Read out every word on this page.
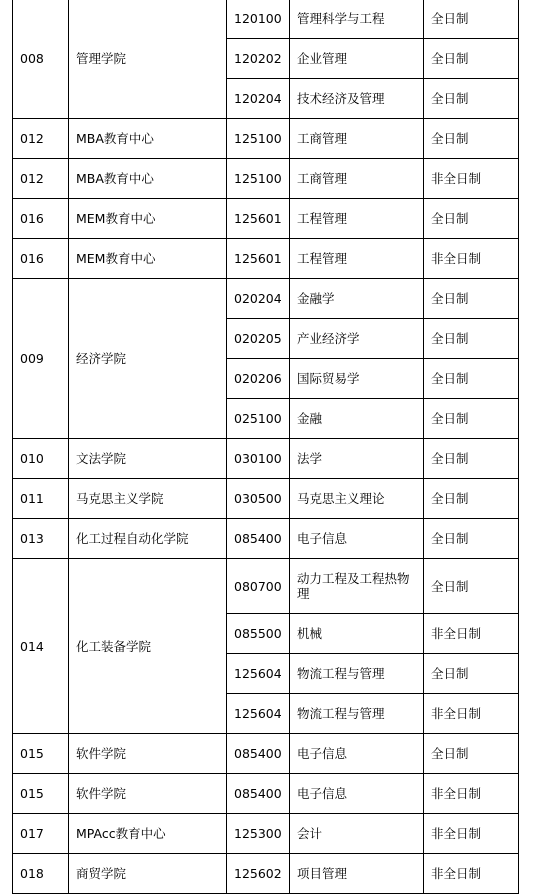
008	管理学院	120100	管理科学与工程	全日制
		120202	企业管理	全日制
		120204	技术经济及管理	全日制
012	MBA教育中心	125100	工商管理	全日制
012	MBA教育中心	125100	工商管理	非全日制
016	MEM教育中心	125601	工程管理	全日制
016	MEM教育中心	125601	工程管理	非全日制
009	经济学院	020204	金融学	全日制
		020205	产业经济学	全日制
		020206	国际贸易学	全日制
		025100	金融	全日制
010	文法学院	030100	法学	全日制
011	马克思主义学院	030500	马克思主义理论	全日制
013	化工过程自动化学院	085400	电子信息	全日制
014	化工装备学院	080700	动力工程及工程热物理	全日制
		085500	机械	非全日制
		125604	物流工程与管理	全日制
		125604	物流工程与管理	非全日制
015	软件学院	085400	电子信息	全日制
015	软件学院	085400	电子信息	非全日制
017	MPAcc教育中心	125300	会计	非全日制
018	商贸学院	125602	项目管理	非全日制
